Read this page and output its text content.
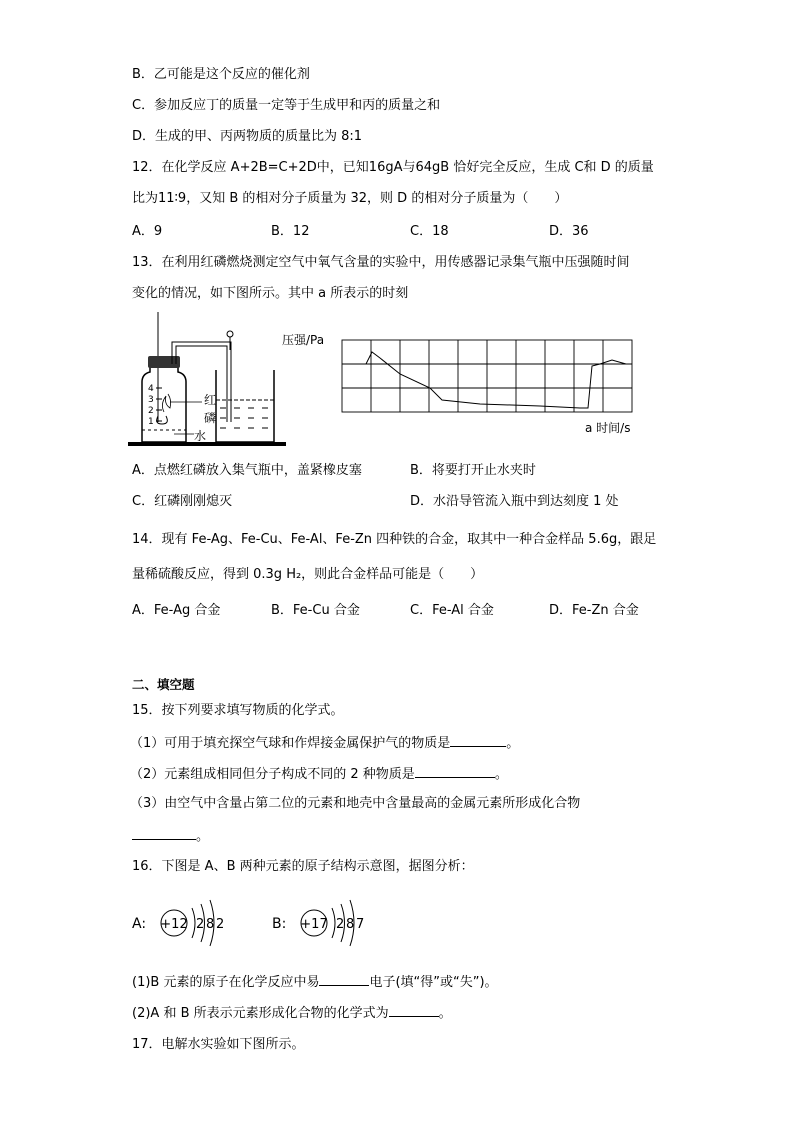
B．乙可能是这个反应的催化剂
C．参加反应丁的质量一定等于生成甲和丙的质量之和
D．生成的甲、丙两物质的质量比为 8:1
12．在化学反应 A+2B=C+2D中，已知16gA与64gB 恰好完全反应，生成 C和 D 的质量
比为11∶9，又知 B 的相对分子质量为 32，则 D 的相对分子质量为（　　）
A．9	B．12	C．18	D．36
13．在利用红磷燃烧测定空气中氧气含量的实验中，用传感器记录集气瓶中压强随时间
变化的情况，如下图所示。其中 a 所表示的时刻
4
3
2
1
红
磷
水
压强/Pa
a 时间/s
A．点燃红磷放入集气瓶中，盖紧橡皮塞	B．将要打开止水夹时
C．红磷刚刚熄灭	D．水沿导管流入瓶中到达刻度 1 处
14．现有 Fe-Ag、Fe-Cu、Fe-Al、Fe-Zn 四种铁的合金，取其中一种合金样品 5.6g，跟足
量稀硫酸反应，得到 0.3g H₂，则此合金样品可能是（　　）
A．Fe-Ag 合金	B．Fe-Cu 合金	C．Fe-Al 合金	D．Fe-Zn 合金
二、填空题
15．按下列要求填写物质的化学式。
（1）可用于填充探空气球和作焊接金属保护气的物质是	。
（2）元素组成相同但分子构成不同的 2 种物质是	。
（3）由空气中含量占第二位的元素和地壳中含量最高的金属元素所形成化合物
。
16．下图是 A、B 两种元素的原子结构示意图，据图分析：
A: +12 2 8 2	B: +17 2 8 7
(1)B 元素的原子在化学反应中易	电子(填“得”或“失”)。
(2)A 和 B 所表示元素形成化合物的化学式为	。
17．电解水实验如下图所示。
